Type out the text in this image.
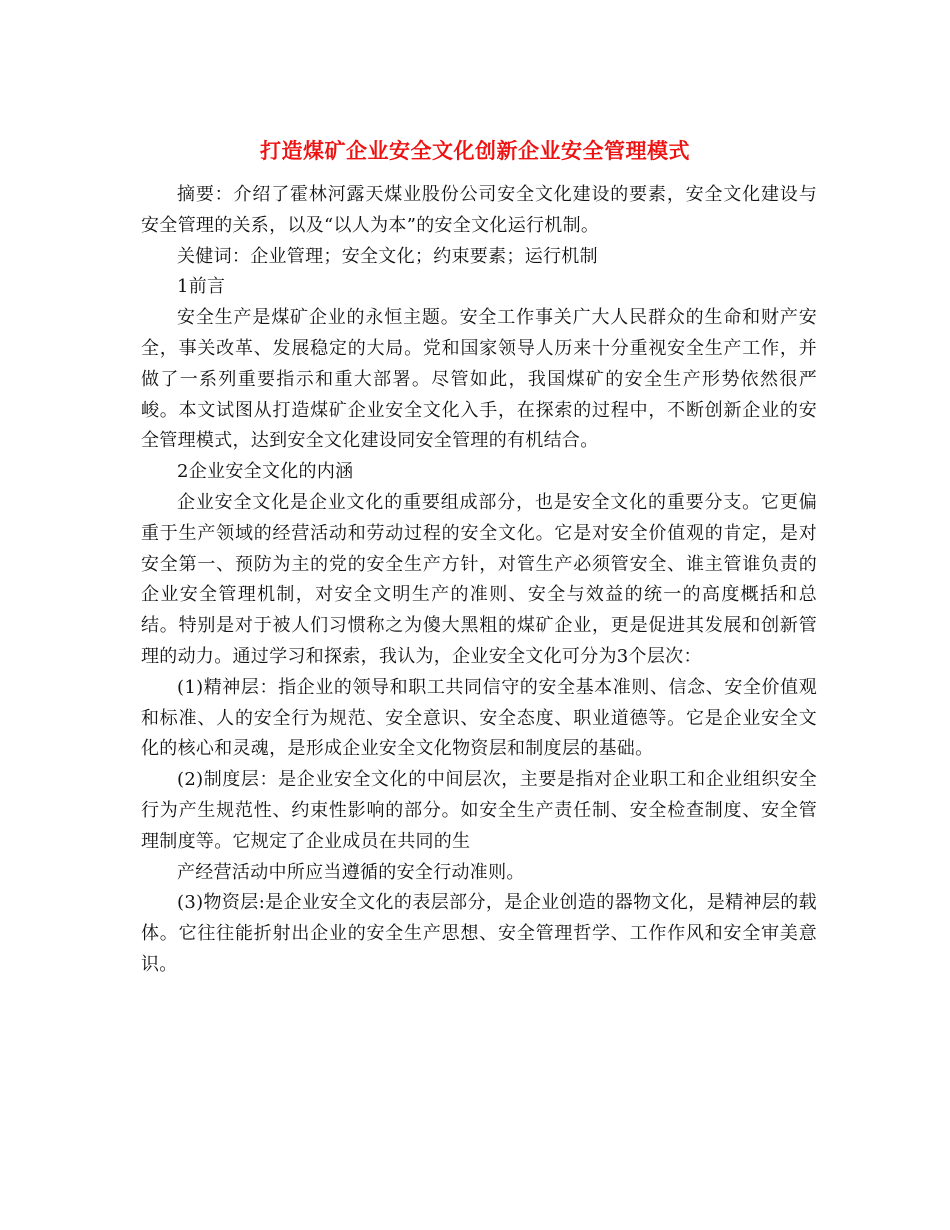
打造煤矿企业安全文化创新企业安全管理模式

摘要：介绍了霍林河露天煤业股份公司安全文化建设的要素，安全文化建设与安全管理的关系，以及“以人为本”的安全文化运行机制。

关健词：企业管理；安全文化；约束要素；运行机制

1前言

安全生产是煤矿企业的永恒主题。安全工作事关广大人民群众的生命和财产安全，事关改革、发展稳定的大局。党和国家领导人历来十分重视安全生产工作，并做了一系列重要指示和重大部署。尽管如此，我国煤矿的安全生产形势依然很严峻。本文试图从打造煤矿企业安全文化入手，在探索的过程中，不断创新企业的安全管理模式，达到安全文化建设同安全管理的有机结合。

2企业安全文化的内涵

企业安全文化是企业文化的重要组成部分，也是安全文化的重要分支。它更偏重于生产领域的经营活动和劳动过程的安全文化。它是对安全价值观的肯定，是对安全第一、预防为主的党的安全生产方针，对管生产必须管安全、谁主管谁负责的企业安全管理机制，对安全文明生产的准则、安全与效益的统一的高度概括和总结。特别是对于被人们习惯称之为傻大黑粗的煤矿企业，更是促进其发展和创新管理的动力。通过学习和探索，我认为，企业安全文化可分为3个层次：

(1)精神层：指企业的领导和职工共同信守的安全基本准则、信念、安全价值观和标准、人的安全行为规范、安全意识、安全态度、职业道德等。它是企业安全文化的核心和灵魂，是形成企业安全文化物资层和制度层的基础。

(2)制度层：是企业安全文化的中间层次，主要是指对企业职工和企业组织安全行为产生规范性、约束性影响的部分。如安全生产责任制、安全检查制度、安全管理制度等。它规定了企业成员在共同的生

产经营活动中所应当遵循的安全行动准则。

(3)物资层:是企业安全文化的表层部分，是企业创造的器物文化，是精神层的载体。它往往能折射出企业的安全生产思想、安全管理哲学、工作作风和安全审美意识。
